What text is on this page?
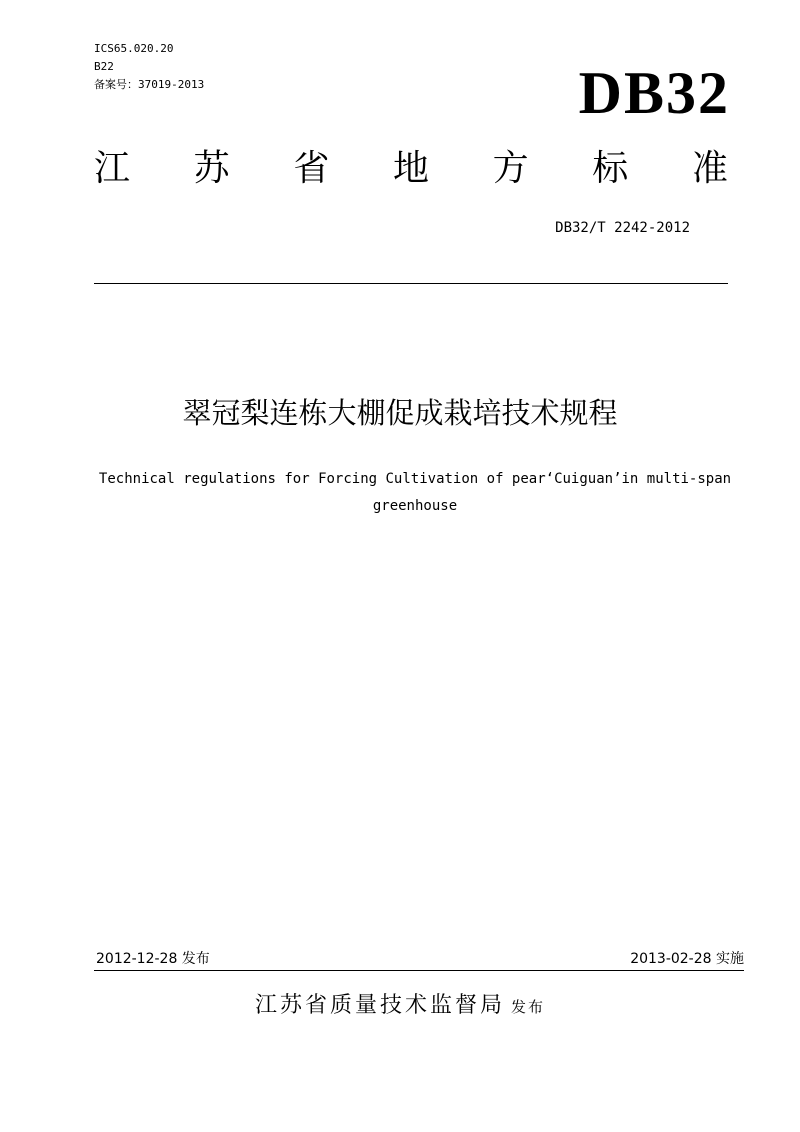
ICS65.020.20
B22
备案号：37019-2013	DB32
江 苏 省 地 方 标 准
DB32/T 2242-2012
翠冠梨连栋大棚促成栽培技术规程
Technical regulations for Forcing Cultivation of pear‘Cuiguan’in multi-span greenhouse
2012-12-28 发布	2013-02-28 实施
江苏省质量技术监督局 发布
